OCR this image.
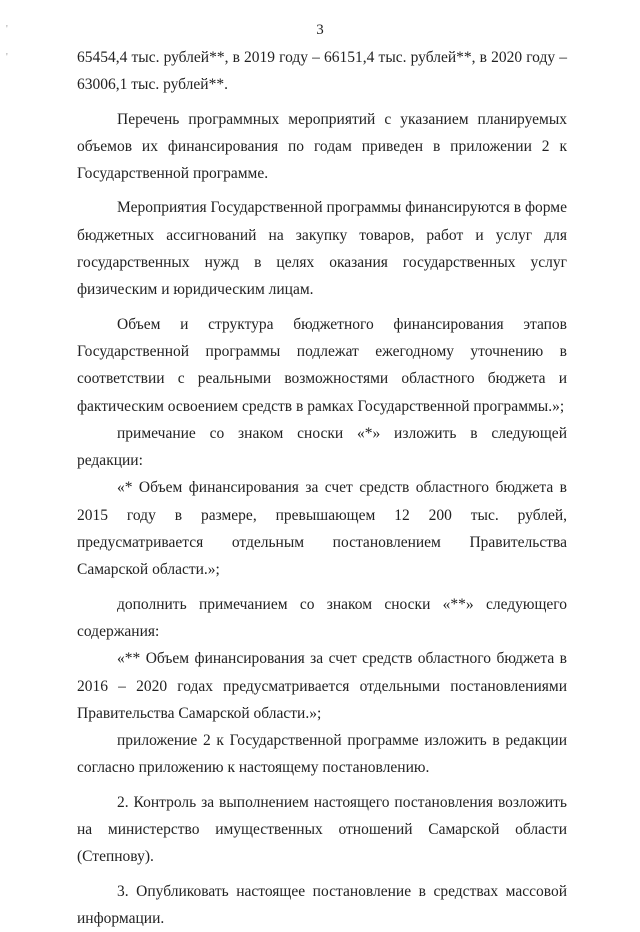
3
'
'	65454,4 тыс. рублей**, в 2019 году – 66151,4 тыс. рублей**, в 2020 году – 63006,1 тыс. рублей**.

Перечень программных мероприятий с указанием планируемых объемов их финансирования по годам приведен в приложении 2 к Государственной программе.

Мероприятия Государственной программы финансируются в форме бюджетных ассигнований на закупку товаров, работ и услуг для государственных нужд в целях оказания государственных услуг физическим и юридическим лицам.

Объем и структура бюджетного финансирования этапов Государственной программы подлежат ежегодному уточнению в соответствии с реальными возможностями областного бюджета и фактическим освоением средств в рамках Государственной программы.»;

примечание со знаком сноски «*» изложить в следующей редакции:

«* Объем финансирования за счет средств областного бюджета в 2015 году в размере, превышающем 12 200 тыс. рублей, предусматривается отдельным постановлением Правительства Самарской области.»;

дополнить примечанием со знаком сноски «**» следующего содержания:

«** Объем финансирования за счет средств областного бюджета в 2016 – 2020 годах предусматривается отдельными постановлениями Правительства Самарской области.»;

приложение 2 к Государственной программе изложить в редакции согласно приложению к настоящему постановлению.

2. Контроль за выполнением настоящего постановления возложить на министерство имущественных отношений Самарской области (Степнову).

3. Опубликовать настоящее постановление в средствах массовой информации.
